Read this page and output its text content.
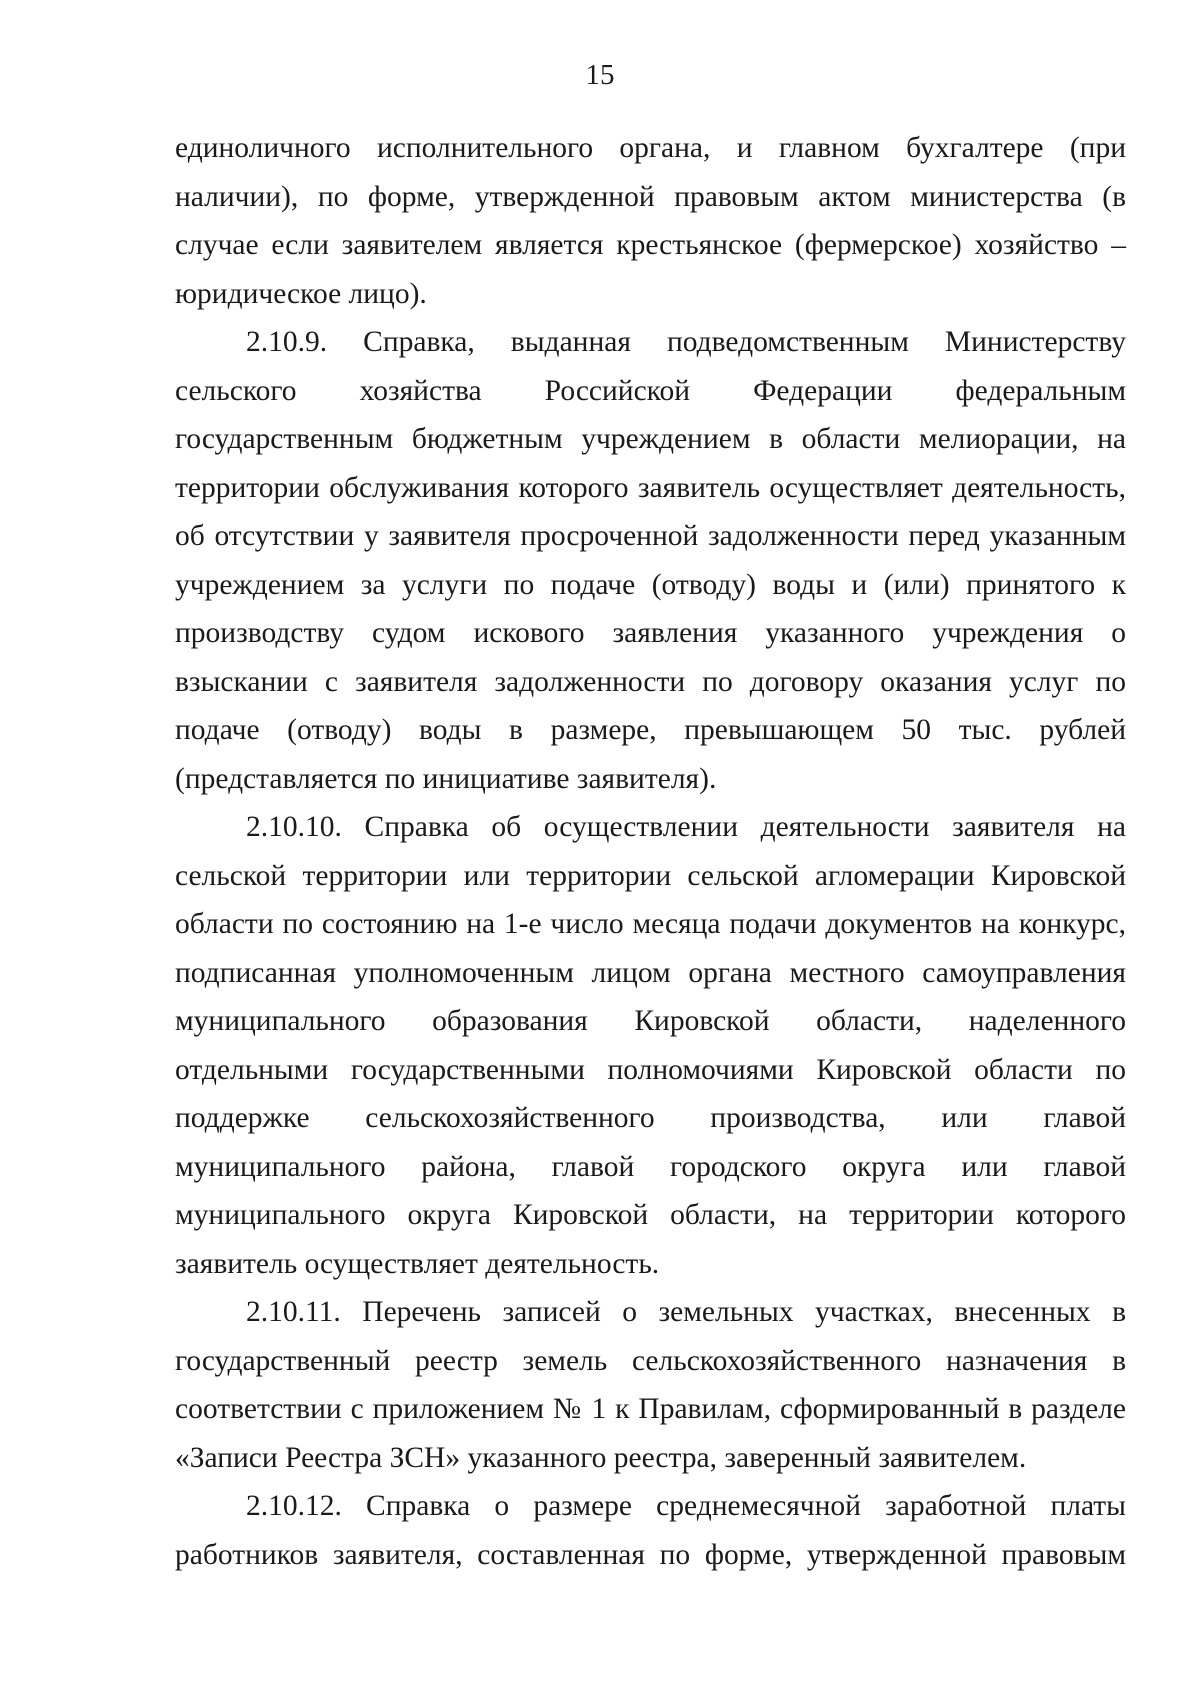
15

единоличного исполнительного органа, и главном бухгалтере (при наличии), по форме, утвержденной правовым актом министерства (в случае если заявителем является крестьянское (фермерское) хозяйство – юридическое лицо).

2.10.9. Справка, выданная подведомственным Министерству сельского хозяйства Российской Федерации федеральным государственным бюджетным учреждением в области мелиорации, на территории обслуживания которого заявитель осуществляет деятельность, об отсутствии у заявителя просроченной задолженности перед указанным учреждением за услуги по подаче (отводу) воды и (или) принятого к производству судом искового заявления указанного учреждения о взыскании с заявителя задолженности по договору оказания услуг по подаче (отводу) воды в размере, превышающем 50 тыс. рублей (представляется по инициативе заявителя).

2.10.10. Справка об осуществлении деятельности заявителя на сельской территории или территории сельской агломерации Кировской области по состоянию на 1-е число месяца подачи документов на конкурс, подписанная уполномоченным лицом органа местного самоуправления муниципального образования Кировской области, наделенного отдельными государственными полномочиями Кировской области по поддержке сельскохозяйственного производства, или главой муниципального района, главой городского округа или главой муниципального округа Кировской области, на территории которого заявитель осуществляет деятельность.

2.10.11. Перечень записей о земельных участках, внесенных в государственный реестр земель сельскохозяйственного назначения в соответствии с приложением № 1 к Правилам, сформированный в разделе «Записи Реестра ЗСН» указанного реестра, заверенный заявителем.

2.10.12. Справка о размере среднемесячной заработной платы работников заявителя, составленная по форме, утвержденной правовым
